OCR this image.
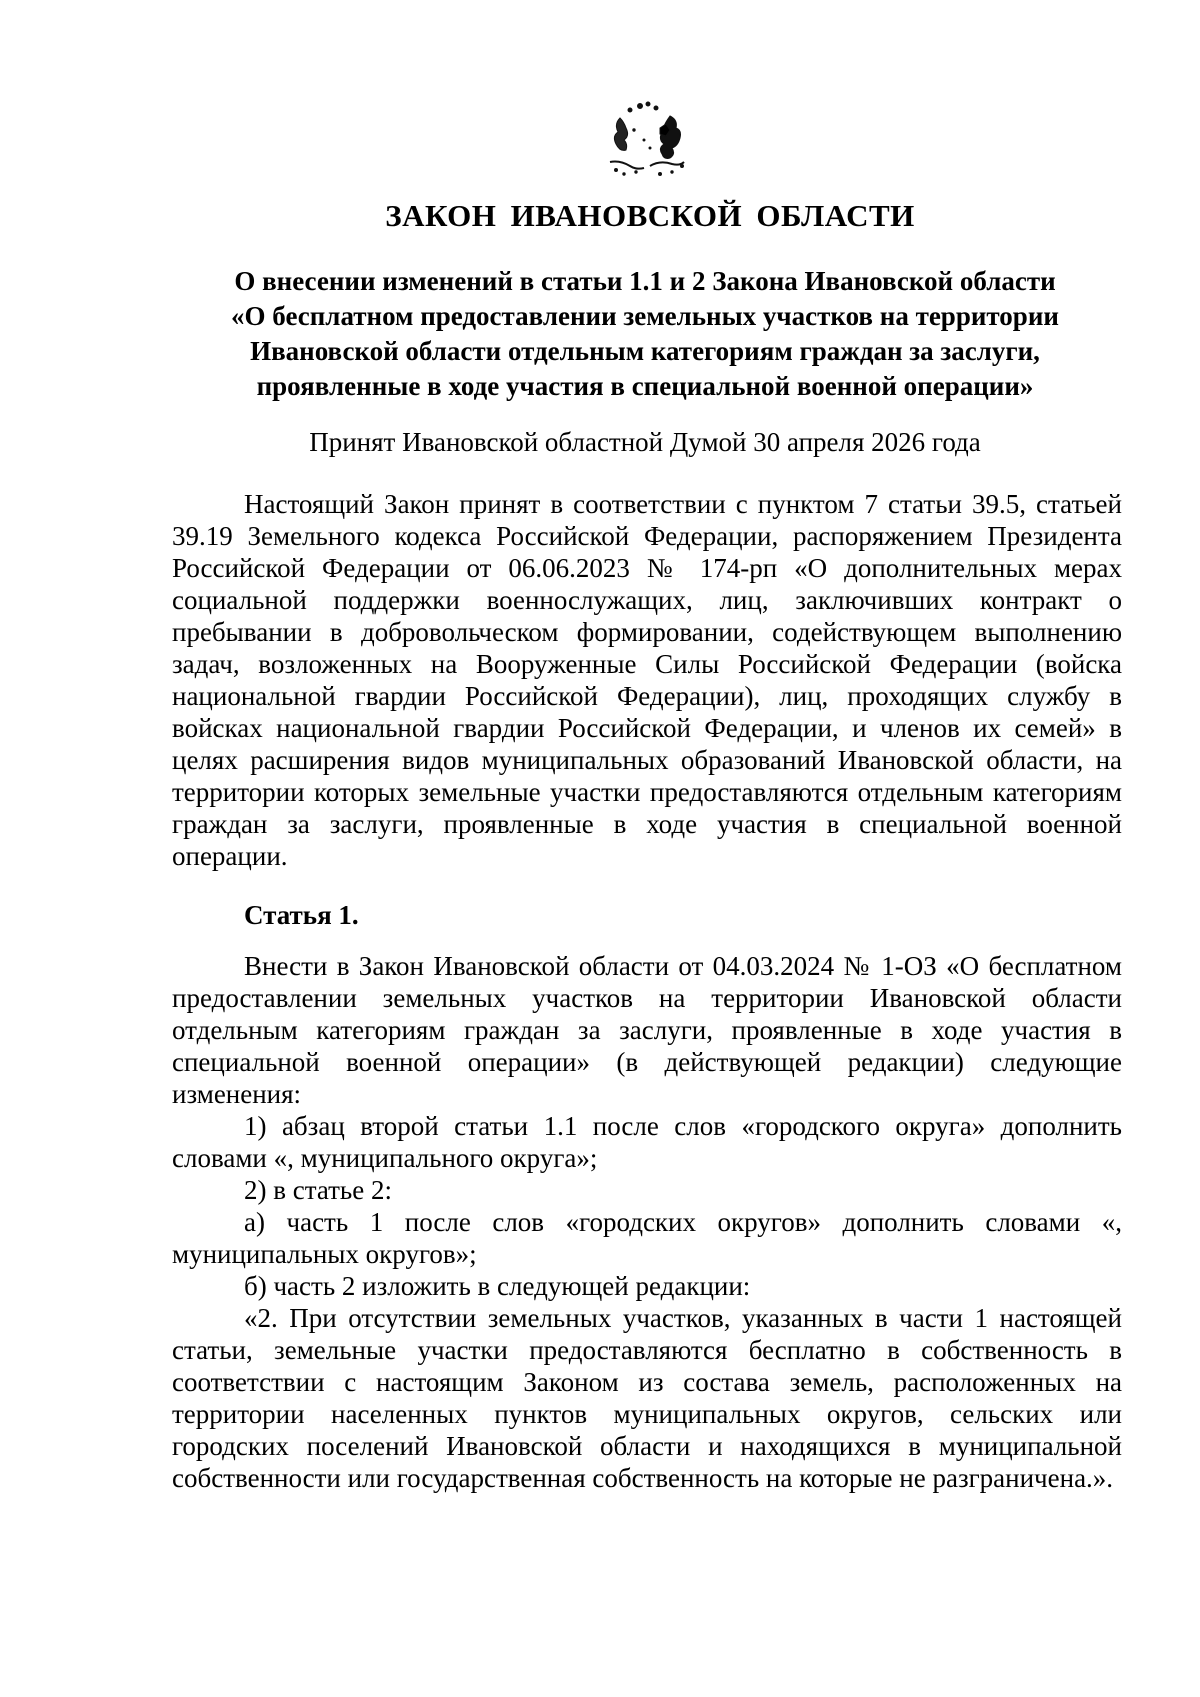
ЗАКОН ИВАНОВСКОЙ ОБЛАСТИ
О внесении изменений в статьи 1.1 и 2 Закона Ивановской области
«О бесплатном предоставлении земельных участков на территории
Ивановской области отдельным категориям граждан за заслуги,
проявленные в ходе участия в специальной военной операции»
Принят Ивановской областной Думой 30 апреля 2026 года
Настоящий Закон принят в соответствии с пунктом 7 статьи 39.5, статьей 39.19 Земельного кодекса Российской Федерации, распоряжением Президента Российской Федерации от 06.06.2023 № 174-рп «О дополнительных мерах социальной поддержки военнослужащих, лиц, заключивших контракт о пребывании в добровольческом формировании, содействующем выполнению задач, возложенных на Вооруженные Силы Российской Федерации (войска национальной гвардии Российской Федерации), лиц, проходящих службу в войсках национальной гвардии Российской Федерации, и членов их семей» в целях расширения видов муниципальных образований Ивановской области, на территории которых земельные участки предоставляются отдельным категориям граждан за заслуги, проявленные в ходе участия в специальной военной операции.
Статья 1.

Внести в Закон Ивановской области от 04.03.2024 № 1-ОЗ «О бесплатном предоставлении земельных участков на территории Ивановской области отдельным категориям граждан за заслуги, проявленные в ходе участия в специальной военной операции» (в действующей редакции) следующие изменения:

1) абзац второй статьи 1.1 после слов «городского округа» дополнить словами «, муниципального округа»;

2) в статье 2:

а) часть 1 после слов «городских округов» дополнить словами «, муниципальных округов»;

б) часть 2 изложить в следующей редакции:

«2. При отсутствии земельных участков, указанных в части 1 настоящей статьи, земельные участки предоставляются бесплатно в собственность в соответствии с настоящим Законом из состава земель, расположенных на территории населенных пунктов муниципальных округов, сельских или городских поселений Ивановской области и находящихся в муниципальной собственности или государственная собственность на которые не разграничена.».
